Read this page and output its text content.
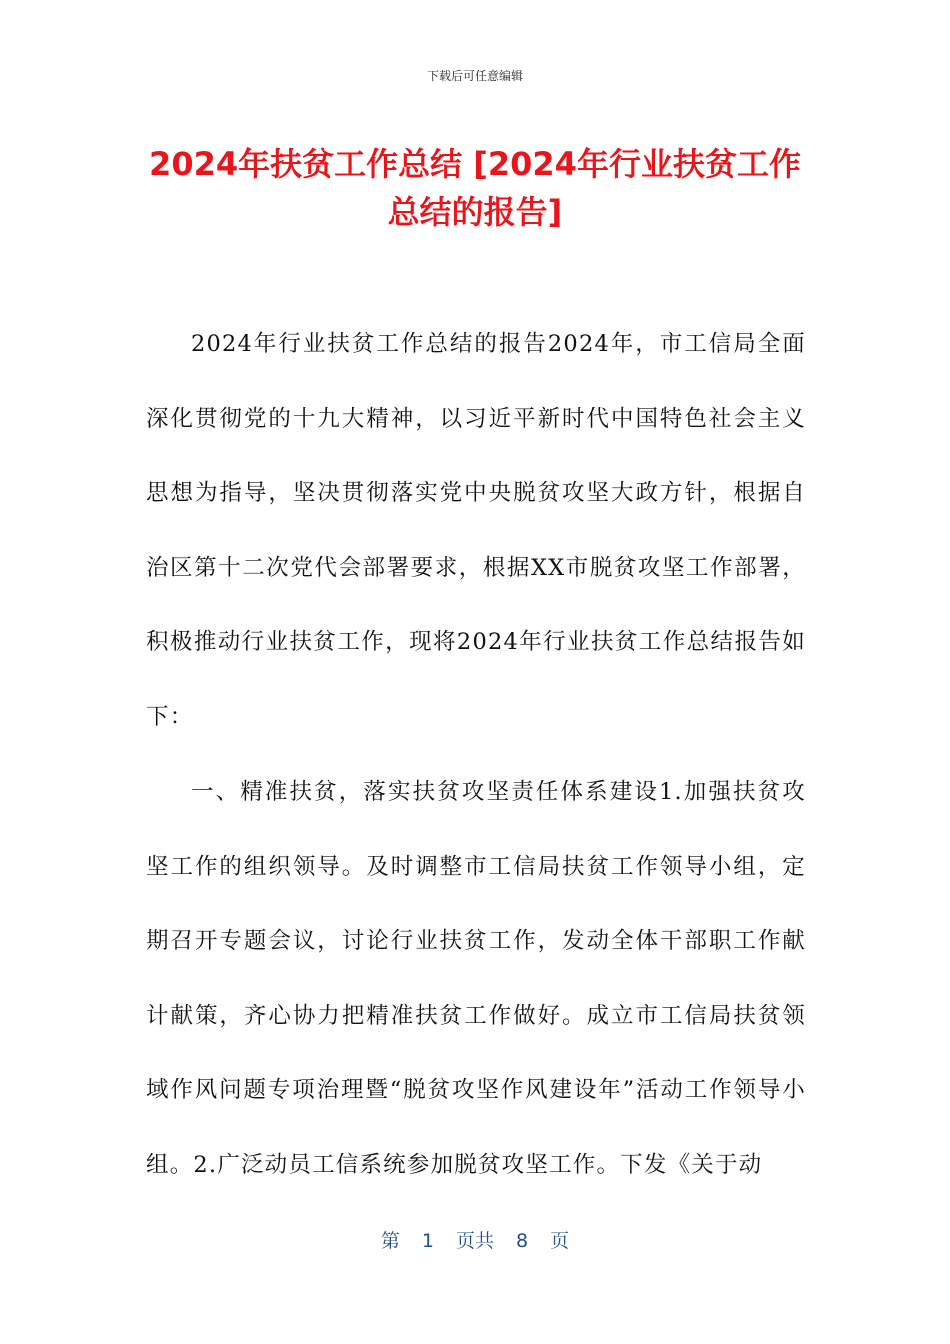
下载后可任意编辑
2024年扶贫工作总结 [2024年行业扶贫工作总结的报告]

2024年行业扶贫工作总结的报告2024年，市工信局全面深化贯彻党的十九大精神，以习近平新时代中国特色社会主义思想为指导，坚决贯彻落实党中央脱贫攻坚大政方针，根据自治区第十二次党代会部署要求，根据XX市脱贫攻坚工作部署，积极推动行业扶贫工作，现将2024年行业扶贫工作总结报告如下：

一、精准扶贫，落实扶贫攻坚责任体系建设1.加强扶贫攻坚工作的组织领导。及时调整市工信局扶贫工作领导小组，定期召开专题会议，讨论行业扶贫工作，发动全体干部职工作献计献策，齐心协力把精准扶贫工作做好。成立市工信局扶贫领域作风问题专项治理暨“脱贫攻坚作风建设年”活动工作领导小组。2.广泛动员工信系统参加脱贫攻坚工作。下发《关于动

第 1 页共 8 页
